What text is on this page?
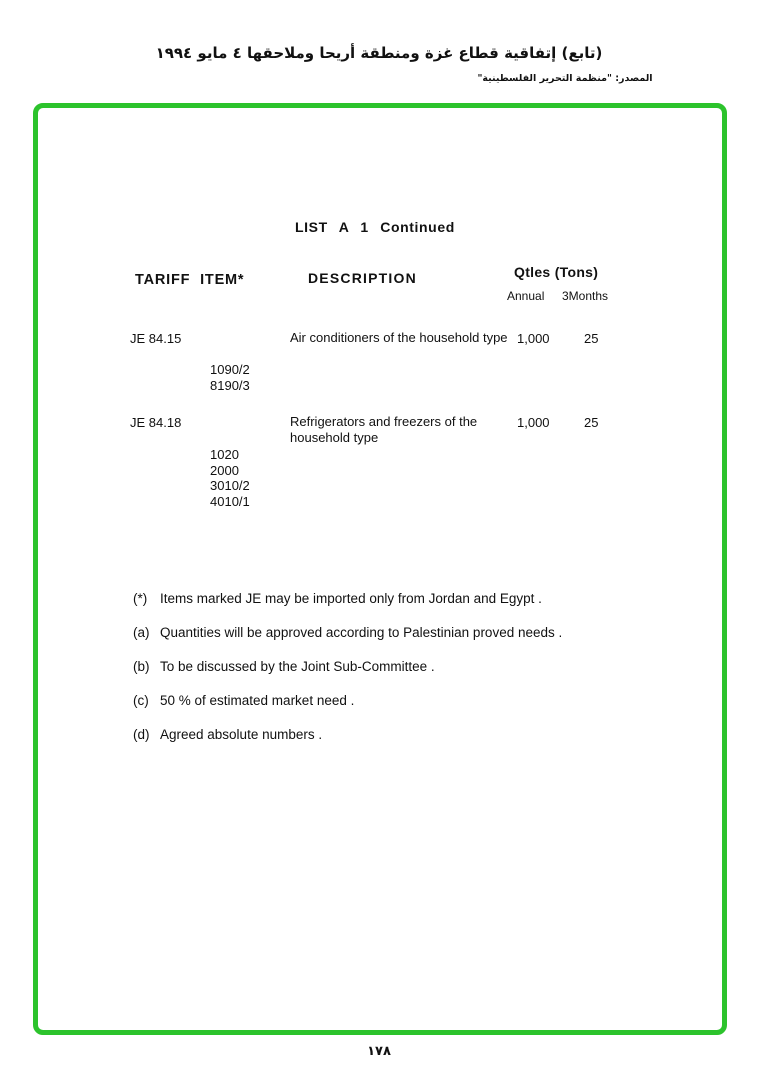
(تابع) إتفاقية قطاع غزة ومنطقة أريحا وملاحقها ٤ مايو ١٩٩٤
المصدر: "منظمة التحرير الفلسطينية"
LIST A 1 Continued
TARIFF ITEM*	DESCRIPTION	Qtles (Tons)
Annual 3Months
JE 84.15	Air conditioners of the household type 1,000	25
1090/2
8190/3
JE 84.18	Refrigerators and freezers of the household type
1,000	25
1020
2000
3010/2
4010/1
(*) Items marked JE may be imported only from Jordan and Egypt .
(a) Quantities will be approved according to Palestinian proved needs .
(b) To be discussed by the Joint Sub-Committee .
(c) 50 % of estimated market need .
(d) Agreed absolute numbers .
١٧٨
